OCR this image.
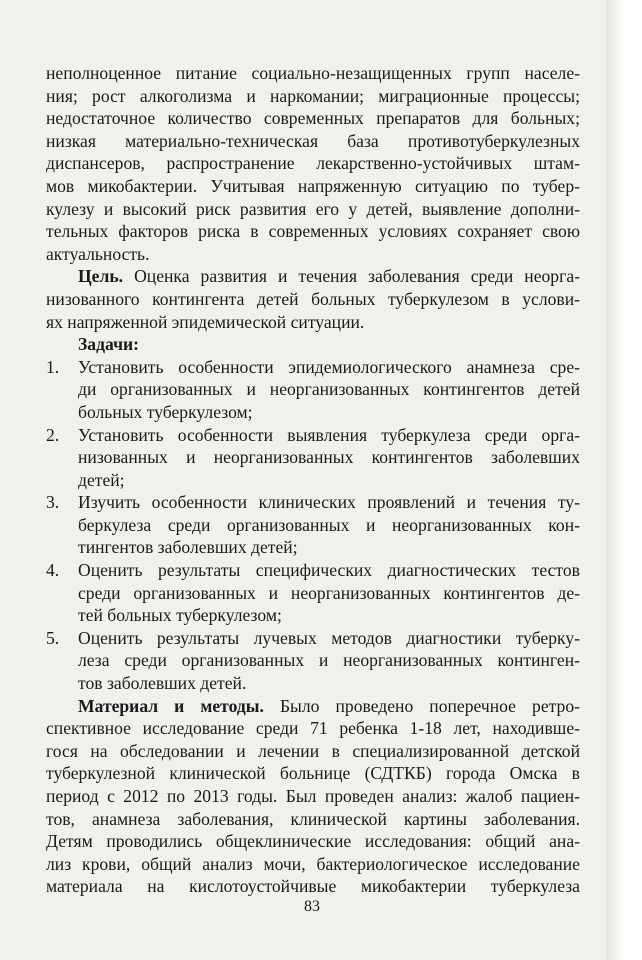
неполноценное питание социально-незащищенных групп населе-
ния; рост алкоголизма и наркомании; миграционные процессы;
недостаточное количество современных препаратов для больных;
низкая материально-техническая база противотуберкулезных
диспансеров, распространение лекарственно-устойчивых штам-
мов микобактерии. Учитывая напряженную ситуацию по тубер-
кулезу и высокий риск развития его у детей, выявление дополни-
тельных факторов риска в современных условиях сохраняет свою
актуальность.

Цель. Оценка развития и течения заболевания среди неорга-
низованного контингента детей больных туберкулезом в услови-
ях напряженной эпидемической ситуации.

Задачи:

1. Установить особенности эпидемиологического анамнеза сре-
ди организованных и неорганизованных контингентов детей
больных туберкулезом;
2. Установить особенности выявления туберкулеза среди орга-
низованных и неорганизованных контингентов заболевших
детей;
3. Изучить особенности клинических проявлений и течения ту-
беркулеза среди организованных и неорганизованных кон-
тингентов заболевших детей;
4. Оценить результаты специфических диагностических тестов
среди организованных и неорганизованных контингентов де-
тей больных туберкулезом;
5. Оценить результаты лучевых методов диагностики туберку-
леза среди организованных и неорганизованных континген-
тов заболевших детей.

Материал и методы. Было проведено поперечное ретро-
спективное исследование среди 71 ребенка 1-18 лет, находивше-
гося на обследовании и лечении в специализированной детской
туберкулезной клинической больнице (СДТКБ) города Омска в
период с 2012 по 2013 годы. Был проведен анализ: жалоб пациен-
тов, анамнеза заболевания, клинической картины заболевания.
Детям проводились общеклинические исследования: общий ана-
лиз крови, общий анализ мочи, бактериологическое исследование
материала на кислотоустойчивые микобактерии туберкулеза

83
